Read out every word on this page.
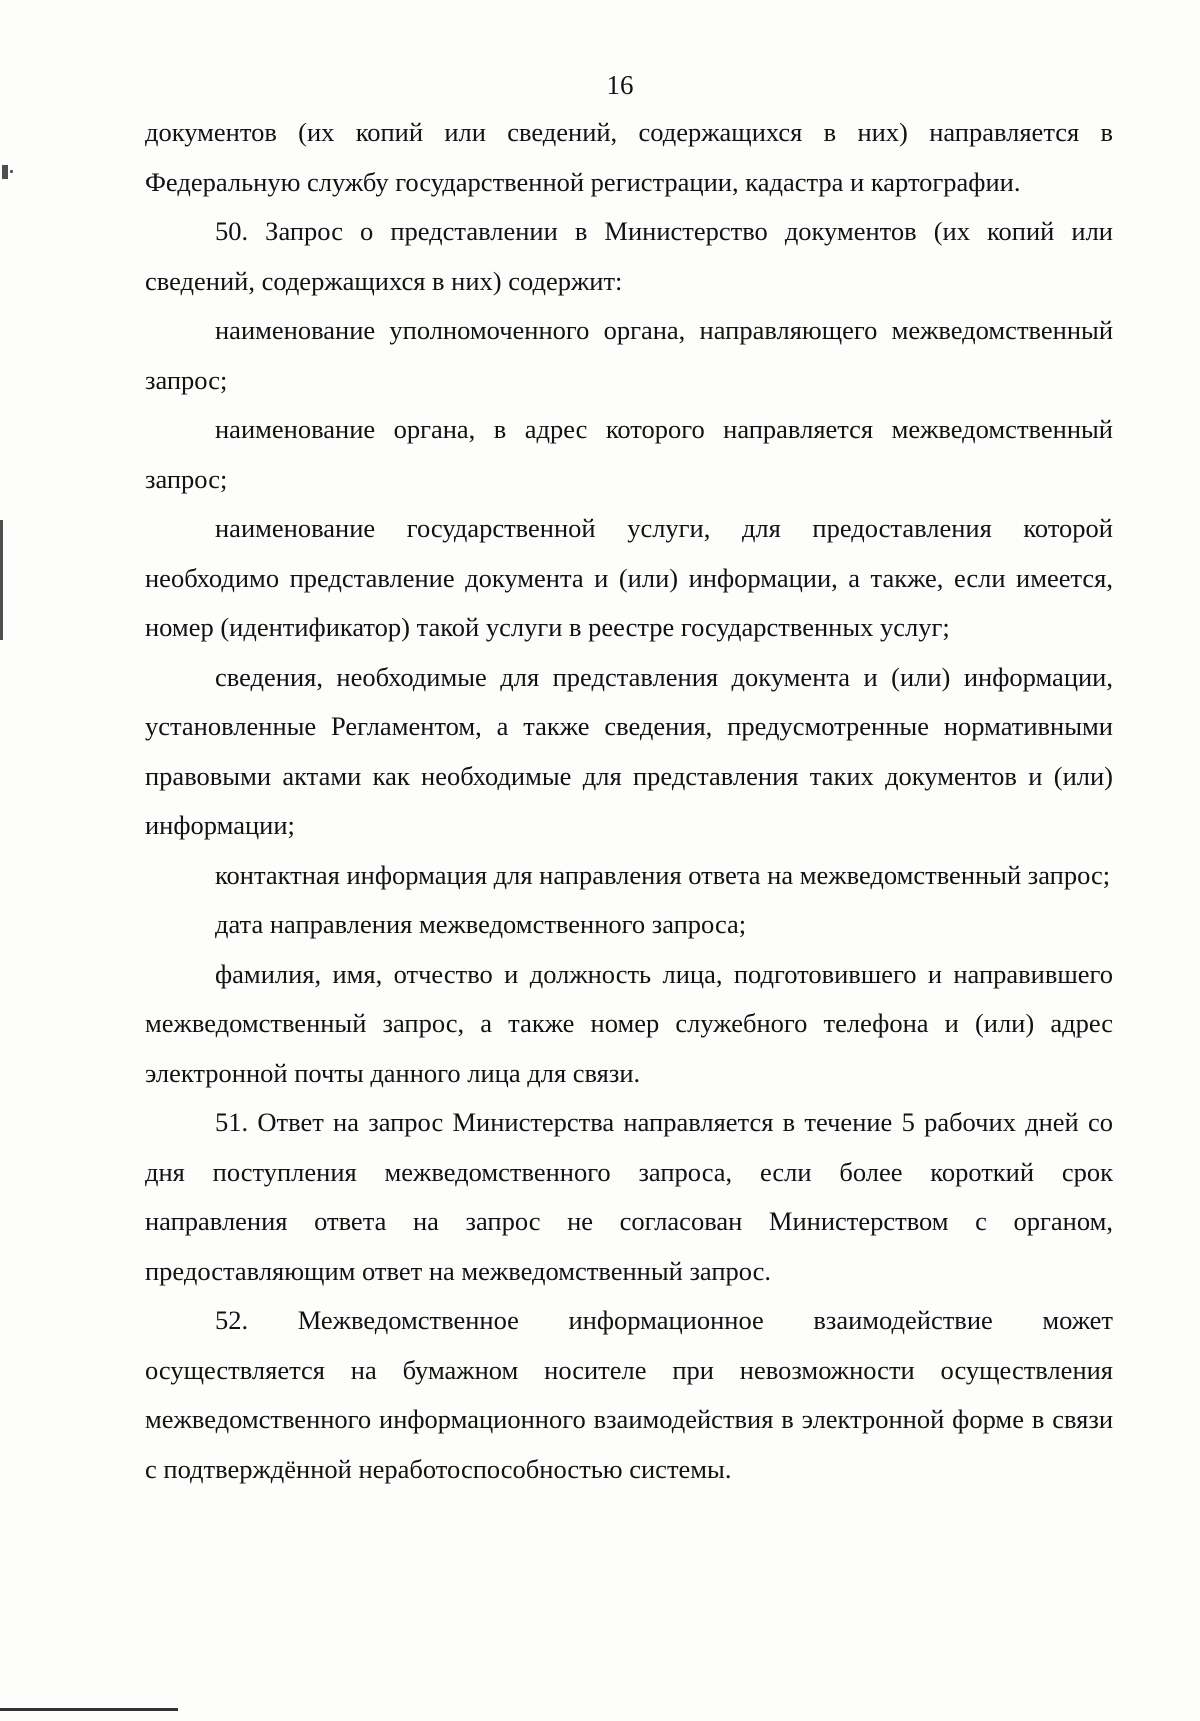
16

документов (их копий или сведений, содержащихся в них) направляется в Федеральную службу государственной регистрации, кадастра и картографии.

50. Запрос о представлении в Министерство документов (их копий или сведений, содержащихся в них) содержит:

наименование уполномоченного органа, направляющего межведомственный запрос;

наименование органа, в адрес которого направляется межведомственный запрос;

наименование государственной услуги, для предоставления которой необходимо представление документа и (или) информации, а также, если имеется, номер (идентификатор) такой услуги в реестре государственных услуг;

сведения, необходимые для представления документа и (или) информации, установленные Регламентом, а также сведения, предусмотренные нормативными правовыми актами как необходимые для представления таких документов и (или) информации;

контактная информация для направления ответа на межведомственный запрос;

дата направления межведомственного запроса;

фамилия, имя, отчество и должность лица, подготовившего и направившего межведомственный запрос, а также номер служебного телефона и (или) адрес электронной почты данного лица для связи.

51. Ответ на запрос Министерства направляется в течение 5 рабочих дней со дня поступления межведомственного запроса, если более короткий срок направления ответа на запрос не согласован Министерством с органом, предоставляющим ответ на межведомственный запрос.

52. Межведомственное информационное взаимодействие может осуществляется на бумажном носителе при невозможности осуществления межведомственного информационного взаимодействия в электронной форме в связи с подтверждённой неработоспособностью системы.
